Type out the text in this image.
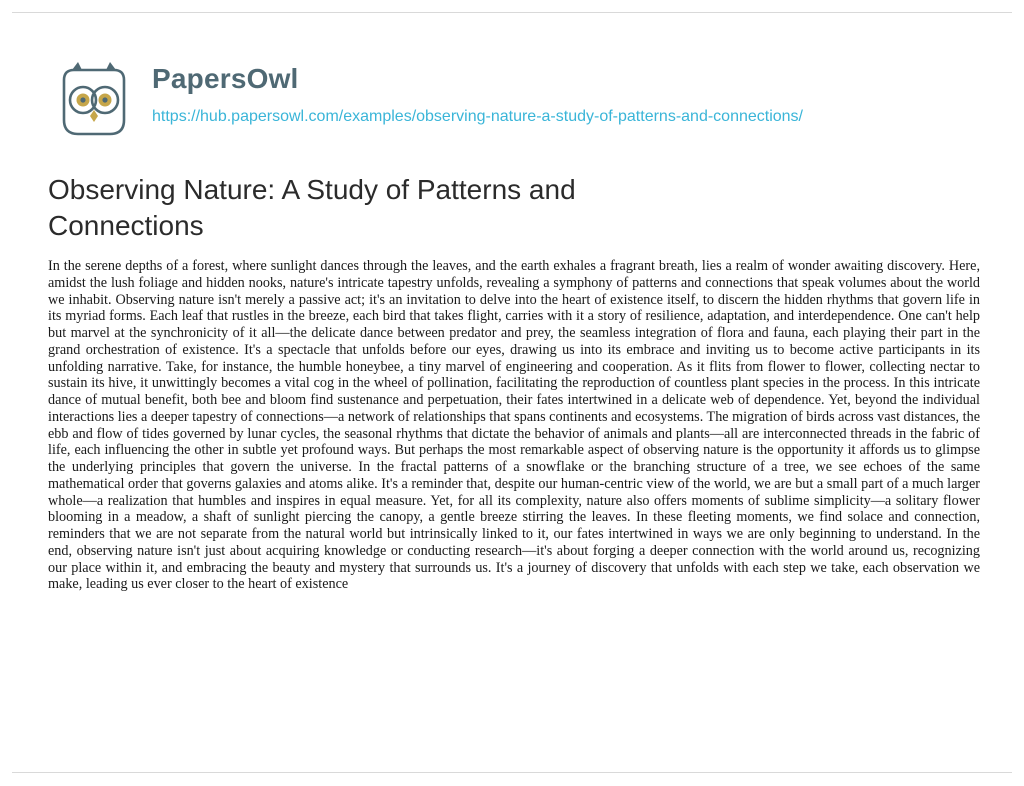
PapersOwl
https://hub.papersowl.com/examples/observing-nature-a-study-of-patterns-and-connections/
Observing Nature: A Study of Patterns and Connections

In the serene depths of a forest, where sunlight dances through the leaves, and the earth exhales a fragrant breath, lies a realm of wonder awaiting discovery. Here, amidst the lush foliage and hidden nooks, nature's intricate tapestry unfolds, revealing a symphony of patterns and connections that speak volumes about the world we inhabit. Observing nature isn't merely a passive act; it's an invitation to delve into the heart of existence itself, to discern the hidden rhythms that govern life in its myriad forms. Each leaf that rustles in the breeze, each bird that takes flight, carries with it a story of resilience, adaptation, and interdependence. One can't help but marvel at the synchronicity of it all—the delicate dance between predator and prey, the seamless integration of flora and fauna, each playing their part in the grand orchestration of existence. It's a spectacle that unfolds before our eyes, drawing us into its embrace and inviting us to become active participants in its unfolding narrative. Take, for instance, the humble honeybee, a tiny marvel of engineering and cooperation. As it flits from flower to flower, collecting nectar to sustain its hive, it unwittingly becomes a vital cog in the wheel of pollination, facilitating the reproduction of countless plant species in the process. In this intricate dance of mutual benefit, both bee and bloom find sustenance and perpetuation, their fates intertwined in a delicate web of dependence. Yet, beyond the individual interactions lies a deeper tapestry of connections—a network of relationships that spans continents and ecosystems. The migration of birds across vast distances, the ebb and flow of tides governed by lunar cycles, the seasonal rhythms that dictate the behavior of animals and plants—all are interconnected threads in the fabric of life, each influencing the other in subtle yet profound ways. But perhaps the most remarkable aspect of observing nature is the opportunity it affords us to glimpse the underlying principles that govern the universe. In the fractal patterns of a snowflake or the branching structure of a tree, we see echoes of the same mathematical order that governs galaxies and atoms alike. It's a reminder that, despite our human-centric view of the world, we are but a small part of a much larger whole—a realization that humbles and inspires in equal measure. Yet, for all its complexity, nature also offers moments of sublime simplicity—a solitary flower blooming in a meadow, a shaft of sunlight piercing the canopy, a gentle breeze stirring the leaves. In these fleeting moments, we find solace and connection, reminders that we are not separate from the natural world but intrinsically linked to it, our fates intertwined in ways we are only beginning to understand. In the end, observing nature isn't just about acquiring knowledge or conducting research—it's about forging a deeper connection with the world around us, recognizing our place within it, and embracing the beauty and mystery that surrounds us. It's a journey of discovery that unfolds with each step we take, each observation we make, leading us ever closer to the heart of existence
